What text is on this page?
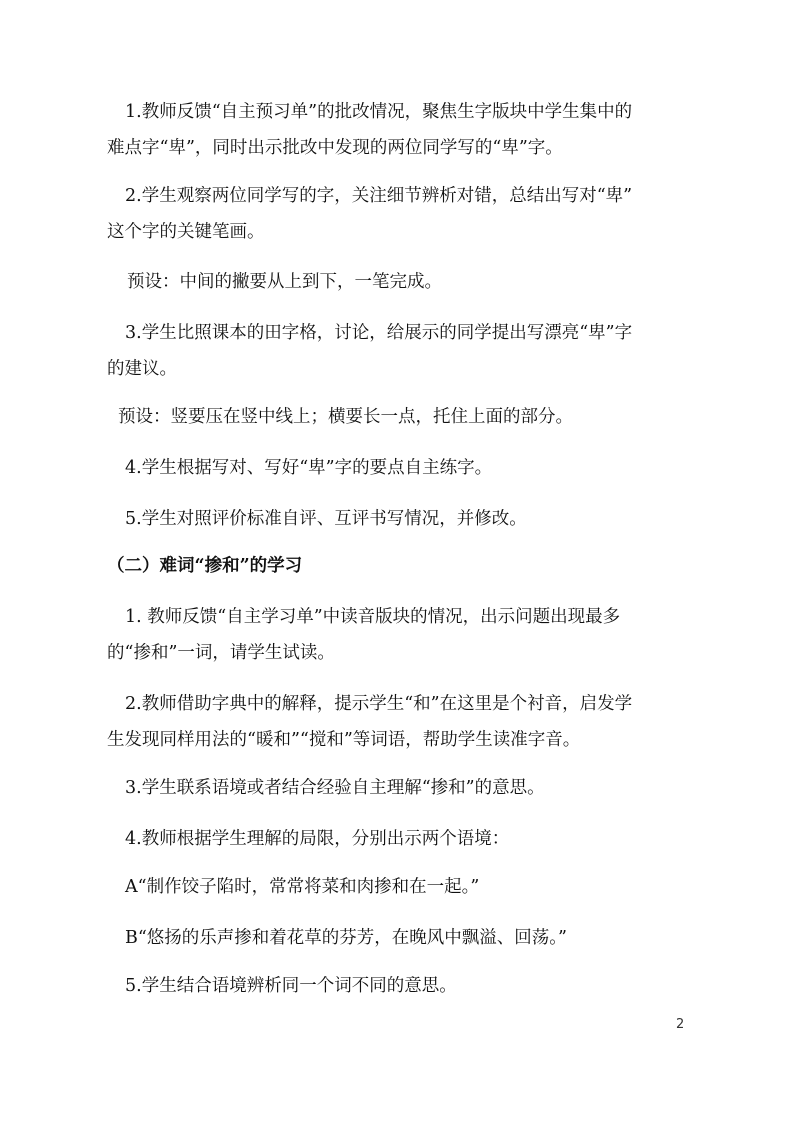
1.教师反馈“自主预习单”的批改情况，聚焦生字版块中学生集中的
难点字“卑”，同时出示批改中发现的两位同学写的“卑”字。

2.学生观察两位同学写的字，关注细节辨析对错，总结出写对“卑”
这个字的关键笔画。

预设：中间的撇要从上到下，一笔完成。

3.学生比照课本的田字格，讨论，给展示的同学提出写漂亮“卑”字
的建议。

预设：竖要压在竖中线上；横要长一点，托住上面的部分。

4.学生根据写对、写好“卑”字的要点自主练字。

5.学生对照评价标准自评、互评书写情况，并修改。

（二）难词“掺和”的学习

1. 教师反馈“自主学习单”中读音版块的情况，出示问题出现最多
的“掺和”一词，请学生试读。

2.教师借助字典中的解释，提示学生“和”在这里是个衬音，启发学
生发现同样用法的“暖和”“搅和”等词语，帮助学生读准字音。

3.学生联系语境或者结合经验自主理解“掺和”的意思。

4.教师根据学生理解的局限，分别出示两个语境：

A“制作饺子陷时，常常将菜和肉掺和在一起。”

B“悠扬的乐声掺和着花草的芬芳，在晚风中飘溢、回荡。”

5.学生结合语境辨析同一个词不同的意思。

2
